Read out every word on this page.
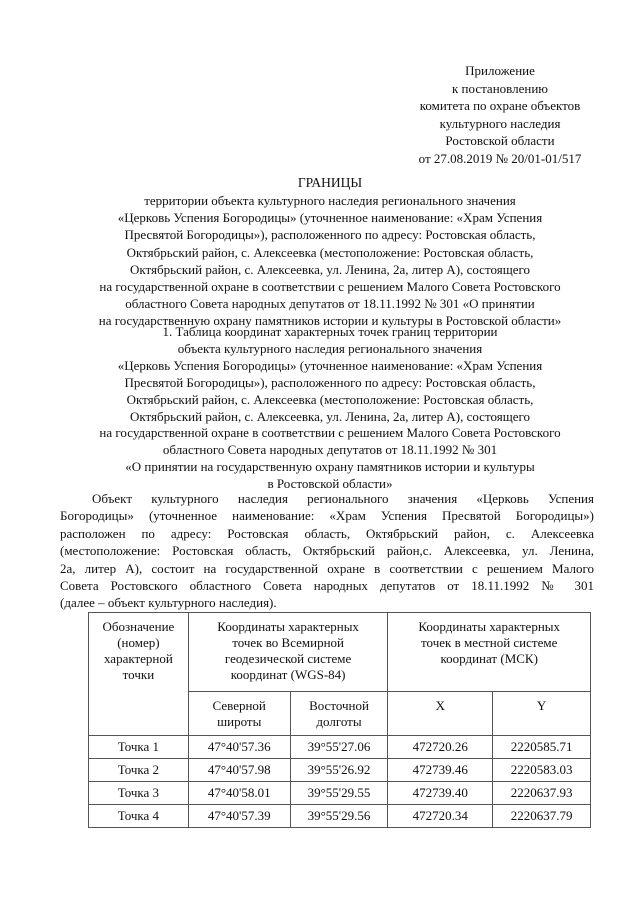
Приложение
к постановлению
комитета по охране объектов
культурного наследия
Ростовской области
от 27.08.2019 № 20/01-01/517
ГРАНИЦЫ
территории объекта культурного наследия регионального значения
«Церковь Успения Богородицы» (уточненное наименование: «Храм Успения
Пресвятой Богородицы»), расположенного по адресу: Ростовская область,
Октябрьский район, с. Алексеевка (местоположение: Ростовская область,
Октябрьский район, с. Алексеевка, ул. Ленина, 2а, литер А), состоящего
на государственной охране в соответствии с решением Малого Совета Ростовского
областного Совета народных депутатов от 18.11.1992 № 301 «О принятии
на государственную охрану памятников истории и культуры в Ростовской области»
1. Таблица координат характерных точек границ территории
объекта культурного наследия регионального значения
«Церковь Успения Богородицы» (уточненное наименование: «Храм Успения
Пресвятой Богородицы»), расположенного по адресу: Ростовская область,
Октябрьский район, с. Алексеевка (местоположение: Ростовская область,
Октябрьский район, с. Алексеевка, ул. Ленина, 2а, литер А), состоящего
на государственной охране в соответствии с решением Малого Совета Ростовского
областного Совета народных депутатов от 18.11.1992 № 301
«О принятии на государственную охрану памятников истории и культуры
в Ростовской области»
Объект культурного наследия регионального значения «Церковь Успения
Богородицы» (уточненное наименование: «Храм Успения Пресвятой Богородицы»)
расположен по адресу: Ростовская область, Октябрьский район, с. Алексеевка
(местоположение: Ростовская область, Октябрьский район,с. Алексеевка, ул. Ленина,
2а, литер А), состоит на государственной охране в соответствии с решением Малого
Совета Ростовского областного Совета народных депутатов от 18.11.1992 № 301
(далее – объект культурного наследия).
Обозначение
(номер)
характерной
точки	Координаты характерных
точек во Всемирной
геодезической системе
координат (WGS-84)		Координаты характерных
точек в местной системе
координат (МСК)	

	Северной
широты	Восточной
долготы	X	Y
Точка 1	47°40'57.36	39°55'27.06	472720.26	2220585.71
Точка 2	47°40'57.98	39°55'26.92	472739.46	2220583.03
Точка 3	47°40'58.01	39°55'29.55	472739.40	2220637.93
Точка 4	47°40'57.39	39°55'29.56	472720.34	2220637.79
